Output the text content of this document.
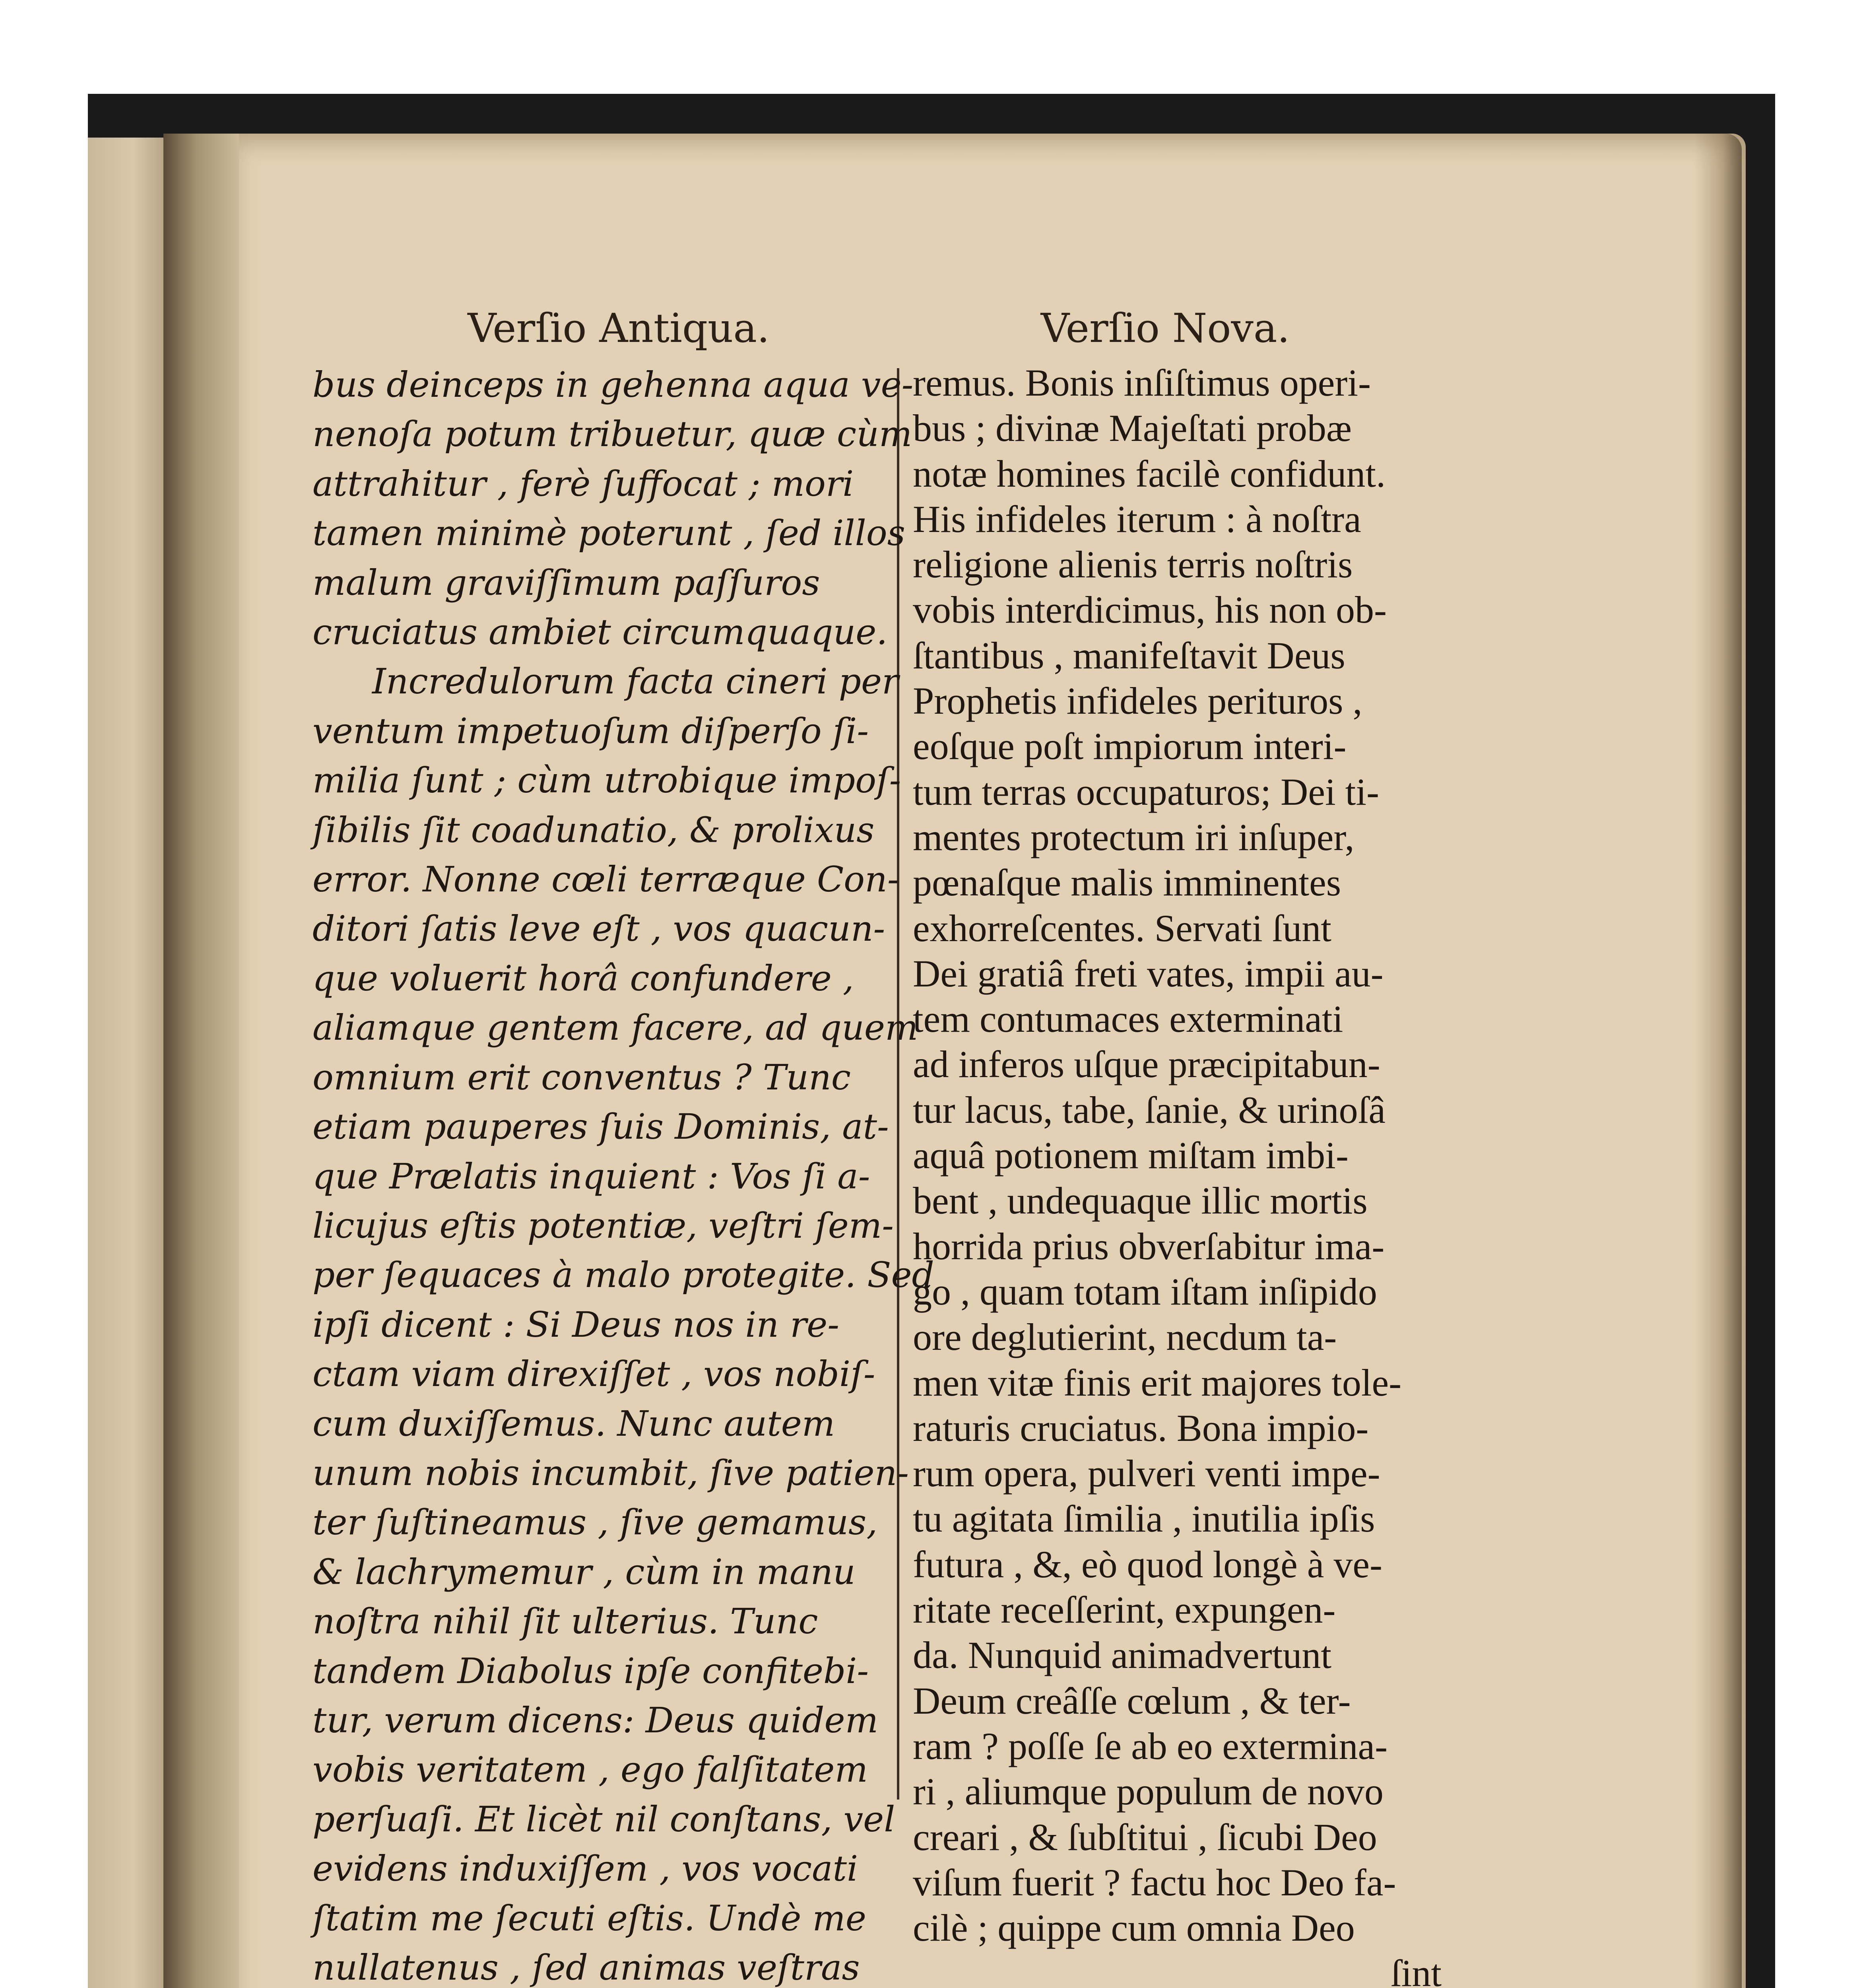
Verſio Antiqua.	Verſio Nova.
bus deinceps in gehenna aqua ve-
nenoſa potum tribuetur, quæ cùm
attrahitur , ferè ſuffocat ; mori
tamen minimè poterunt , ſed illos
malum graviſſimum paſſuros
cruciatus ambiet circumquaque.
Incredulorum facta cineri per
ventum impetuoſum diſperſo ſi-
milia ſunt ; cùm utrobique impoſ-
ſibilis ſit coadunatio, & prolixus
error. Nonne cœli terræque Con-
ditori ſatis leve eſt , vos quacun-
que voluerit horâ confundere ,
aliamque gentem facere, ad quem
omnium erit conventus ? Tunc
etiam pauperes ſuis Dominis, at-
que Prælatis inquient : Vos ſi a-
licujus eſtis potentiæ, veſtri ſem-
per ſequaces à malo protegite. Sed
ipſi dicent : Si Deus nos in re-
ctam viam direxiſſet , vos nobiſ-
cum duxiſſemus. Nunc autem
unum nobis incumbit, ſive patien-
ter ſuſtineamus , ſive gemamus,
& lachrymemur , cùm in manu
noſtra nihil ſit ulterius. Tunc
tandem Diabolus ipſe confitebi-
tur, verum dicens: Deus quidem
vobis veritatem , ego falſitatem
perſuaſi. Et licèt nil conſtans, vel
evidens induxiſſem , vos vocati
ſtatim me ſecuti eſtis. Undè me
nullatenus , ſed animas veſtras
remus. Bonis inſiſtimus operi-
bus ; divinæ Majeſtati probæ
notæ homines facilè confidunt.
His infideles iterum : à noſtra
religione alienis terris noſtris
vobis interdicimus, his non ob-
ſtantibus , manifeſtavit Deus
Prophetis infideles perituros ,
eoſque poſt impiorum interi-
tum terras occupaturos; Dei ti-
mentes protectum iri inſuper,
pœnaſque malis imminentes
exhorreſcentes. Servati ſunt
Dei gratiâ freti vates, impii au-
tem contumaces exterminati
ad inferos uſque præcipitabun-
tur lacus, tabe, ſanie, & urinoſâ
aquâ potionem miſtam imbi-
bent , undequaque illic mortis
horrida prius obverſabitur ima-
go , quam totam iſtam inſipido
ore deglutierint, necdum ta-
men vitæ finis erit majores tole-
raturis cruciatus. Bona impio-
rum opera, pulveri venti impe-
tu agitata ſimilia , inutilia ipſis
futura , &, eò quod longè à ve-
ritate receſſerint, expungen-
da. Nunquid animadvertunt
Deum creâſſe cœlum , & ter-
ram ? poſſe ſe ab eo extermina-
ri , aliumque populum de novo
creari , & ſubſtitui , ſicubi Deo
viſum fuerit ? factu hoc Deo fa-
cilè ; quippe cum omnia Deo
ſint
